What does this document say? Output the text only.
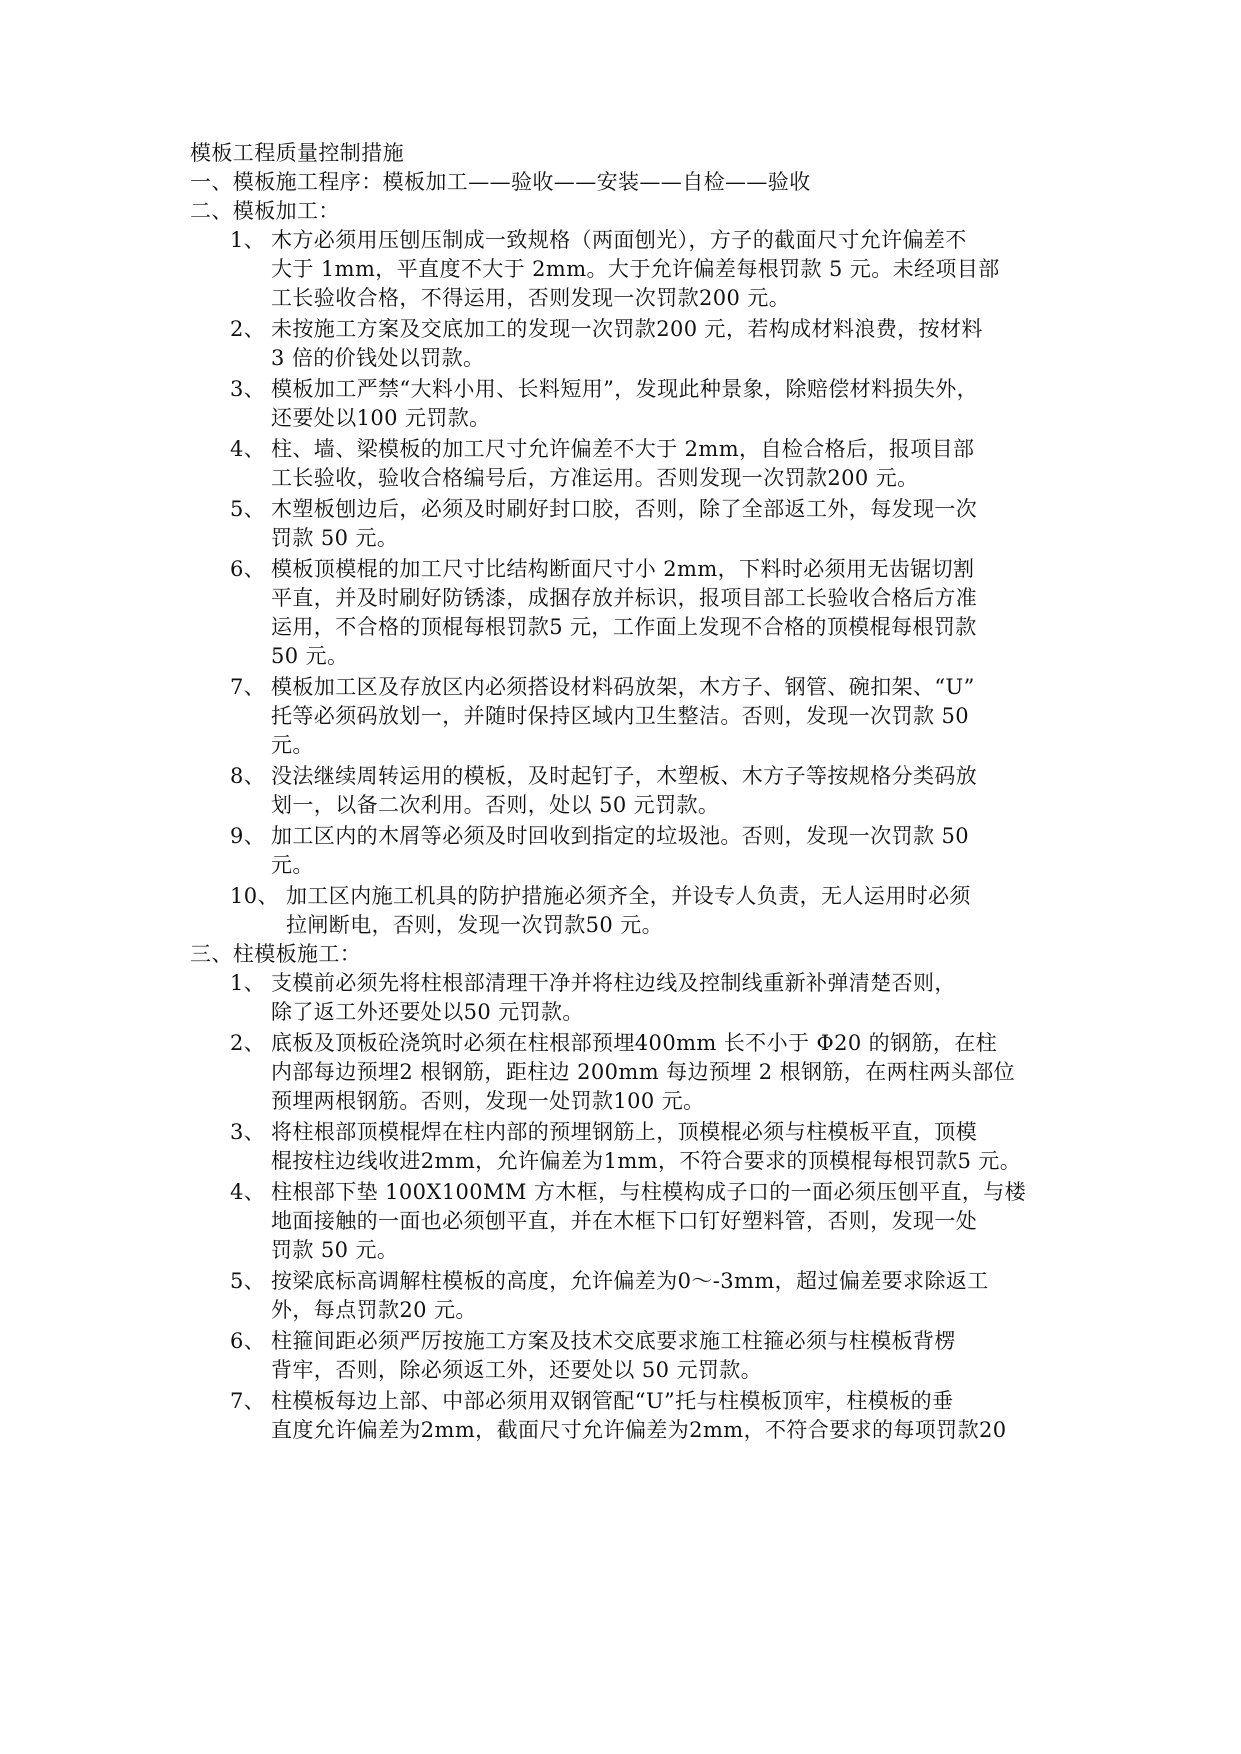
模板工程质量控制措施
一、模板施工程序：模板加工——验收——安装——自检——验收
二、模板加工：
1、 木方必须用压刨压制成一致规格（两面刨光），方子的截面尺寸允许偏差不
大于 1mm，平直度不大于 2mm。大于允许偏差每根罚款 5 元。未经项目部
工长验收合格，不得运用，否则发现一次罚款200 元。
2、 未按施工方案及交底加工的发现一次罚款200 元，若构成材料浪费，按材料
3 倍的价钱处以罚款。
3、 模板加工严禁“大料小用、长料短用”，发现此种景象，除赔偿材料损失外，
还要处以100 元罚款。
4、 柱、墙、梁模板的加工尺寸允许偏差不大于 2mm，自检合格后，报项目部
工长验收，验收合格编号后，方准运用。否则发现一次罚款200 元。
5、 木塑板刨边后，必须及时刷好封口胶，否则，除了全部返工外，每发现一次
罚款 50 元。
6、 模板顶模棍的加工尺寸比结构断面尺寸小 2mm，下料时必须用无齿锯切割
平直，并及时刷好防锈漆，成捆存放并标识，报项目部工长验收合格后方准
运用，不合格的顶棍每根罚款5 元，工作面上发现不合格的顶模棍每根罚款
50 元。
7、 模板加工区及存放区内必须搭设材料码放架，木方子、钢管、碗扣架、“U”
托等必须码放划一，并随时保持区域内卫生整洁。否则，发现一次罚款 50
元。
8、 没法继续周转运用的模板，及时起钉子，木塑板、木方子等按规格分类码放
划一，以备二次利用。否则，处以 50 元罚款。
9、 加工区内的木屑等必须及时回收到指定的垃圾池。否则，发现一次罚款 50
元。
10、 加工区内施工机具的防护措施必须齐全，并设专人负责，无人运用时必须
拉闸断电，否则，发现一次罚款50 元。
三、柱模板施工：
1、 支模前必须先将柱根部清理干净并将柱边线及控制线重新补弹清楚否则，
除了返工外还要处以50 元罚款。
2、 底板及顶板砼浇筑时必须在柱根部预埋400mm 长不小于 Φ20 的钢筋，在柱
内部每边预埋2 根钢筋，距柱边 200mm 每边预埋 2 根钢筋，在两柱两头部位
预埋两根钢筋。否则，发现一处罚款100 元。
3、 将柱根部顶模棍焊在柱内部的预埋钢筋上，顶模棍必须与柱模板平直，顶模
棍按柱边线收进2mm，允许偏差为1mm，不符合要求的顶模棍每根罚款5 元。
4、 柱根部下垫 100X100MM 方木框，与柱模构成子口的一面必须压刨平直，与楼
地面接触的一面也必须刨平直，并在木框下口钉好塑料管，否则，发现一处
罚款 50 元。
5、 按梁底标高调解柱模板的高度，允许偏差为0～-3mm，超过偏差要求除返工
外，每点罚款20 元。
6、 柱箍间距必须严厉按施工方案及技术交底要求施工柱箍必须与柱模板背楞
背牢，否则，除必须返工外，还要处以 50 元罚款。
7、 柱模板每边上部、中部必须用双钢管配“U”托与柱模板顶牢，柱模板的垂
直度允许偏差为2mm，截面尺寸允许偏差为2mm，不符合要求的每项罚款20
